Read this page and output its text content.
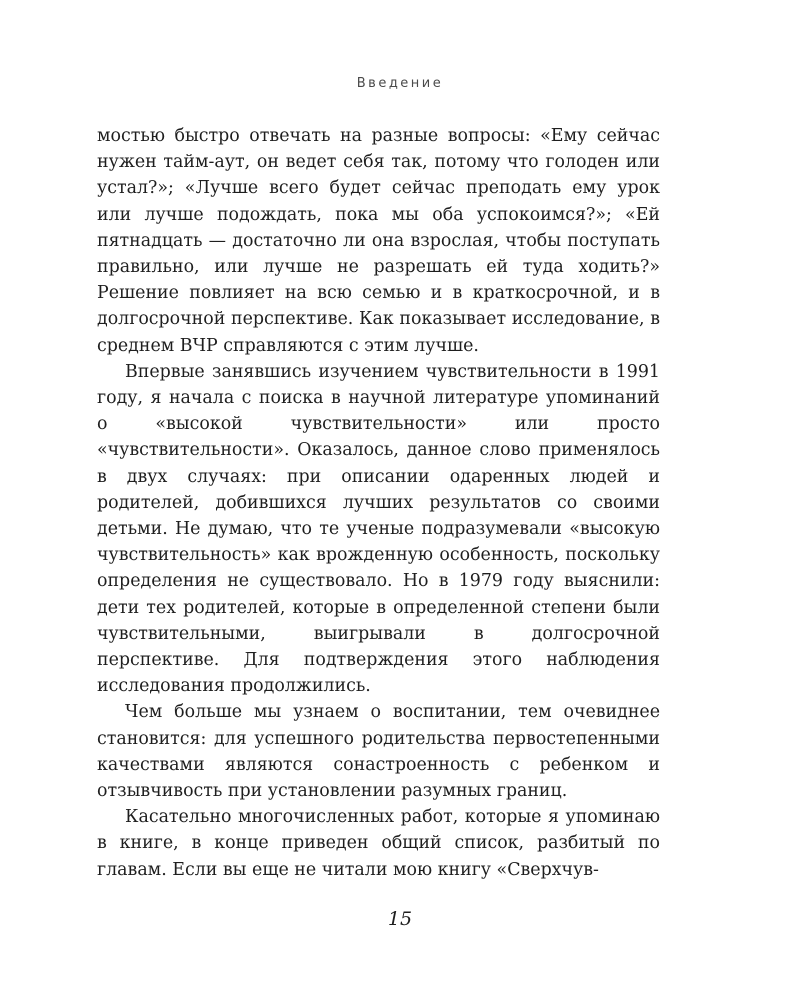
Введение

мостью быстро отвечать на разные вопросы: «Ему сейчас нужен тайм-аут, он ведет себя так, потому что голоден или устал?»; «Лучше всего будет сейчас преподать ему урок или лучше подождать, пока мы оба успокоимся?»; «Ей пятнадцать — достаточно ли она взрослая, чтобы поступать правильно, или лучше не разрешать ей туда ходить?» Решение повлияет на всю семью и в краткосрочной, и в долгосрочной перспективе. Как показывает исследование, в среднем ВЧР справляются с этим лучше.

Впервые занявшись изучением чувствительности в 1991 году, я начала с поиска в научной литературе упоминаний о «высокой чувствительности» или просто «чувствительности». Оказалось, данное слово применялось в двух случаях: при описании одаренных людей и родителей, добившихся лучших результатов со своими детьми. Не думаю, что те ученые подразумевали «высокую чувствительность» как врожденную особенность, поскольку определения не существовало. Но в 1979 году выяснили: дети тех родителей, которые в определенной степени были чувствительными, выигрывали в долгосрочной перспективе. Для подтверждения этого наблюдения исследования продолжились.

Чем больше мы узнаем о воспитании, тем очевиднее становится: для успешного родительства первостепенными качествами являются сонастроенность с ребенком и отзывчивость при установлении разумных границ.

Касательно многочисленных работ, которые я упоминаю в книге, в конце приведен общий список, разбитый по главам. Если вы еще не читали мою книгу «Сверхчув-

15
